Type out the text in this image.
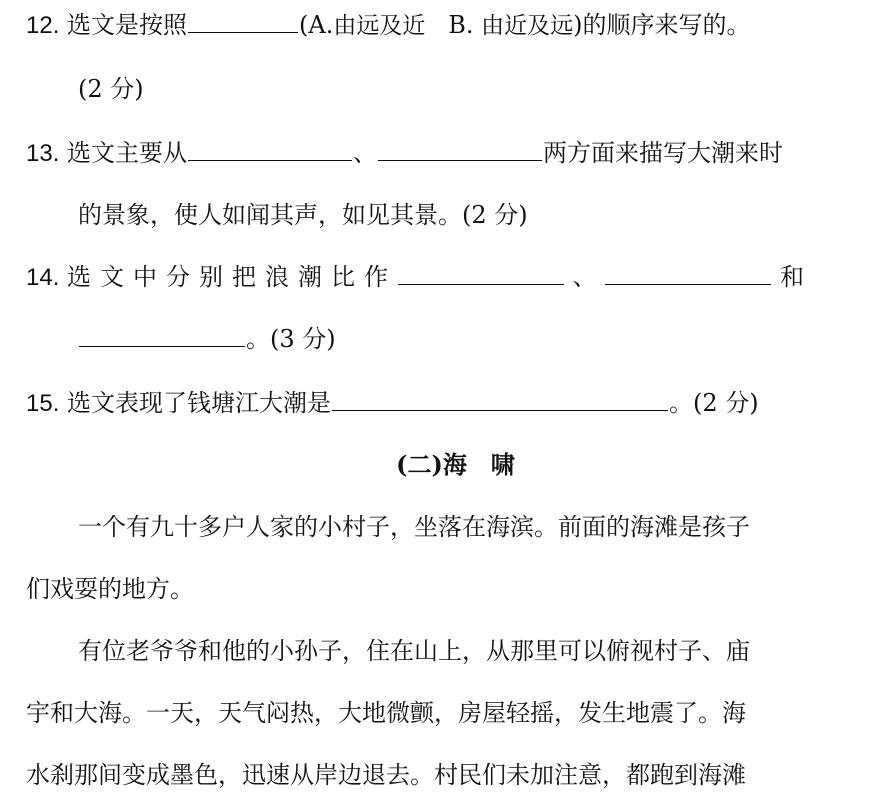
12. 选文是按照	(A.由远及近 B. 由近及远)的顺序来写的。
(2 分)
13. 选文主要从	、	两方面来描写大潮来时
的景象，使人如闻其声，如见其景。(2 分)
14. 选文中分别把浪潮比作	、	和
。(3 分)
15. 选文表现了钱塘江大潮是	。(2 分)
(二)海　啸
一个有九十多户人家的小村子，坐落在海滨。前面的海滩是孩子
们戏耍的地方。
有位老爷爷和他的小孙子，住在山上，从那里可以俯视村子、庙
宇和大海。一天，天气闷热，大地微颤，房屋轻摇，发生地震了。海
水刹那间变成墨色，迅速从岸边退去。村民们未加注意，都跑到海滩
